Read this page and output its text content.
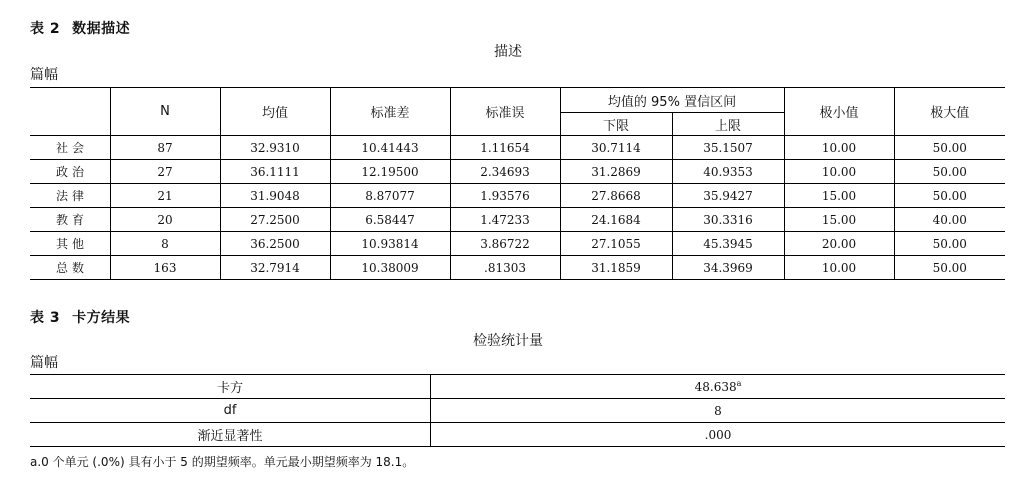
表 2 数据描述
描述
篇幅
	N	均值	标准差	标准误	均值的 95% 置信区间		极小值	极大值
					下限	上限		
社会	87	32.9310	10.41443	1.11654	30.7114	35.1507	10.00	50.00
政治	27	36.1111	12.19500	2.34693	31.2869	40.9353	10.00	50.00
法律	21	31.9048	8.87077	1.93576	27.8668	35.9427	15.00	50.00
教育	20	27.2500	6.58447	1.47233	24.1684	30.3316	15.00	40.00
其他	8	36.2500	10.93814	3.86722	27.1055	45.3945	20.00	50.00
总数	163	32.7914	10.38009	.81303	31.1859	34.3969	10.00	50.00
表 3 卡方结果
检验统计量
篇幅
卡方	48.638$^a$
df	8
渐近显著性	.000
a.0 个单元 (.0%) 具有小于 5 的期望频率。单元最小期望频率为 18.1。
